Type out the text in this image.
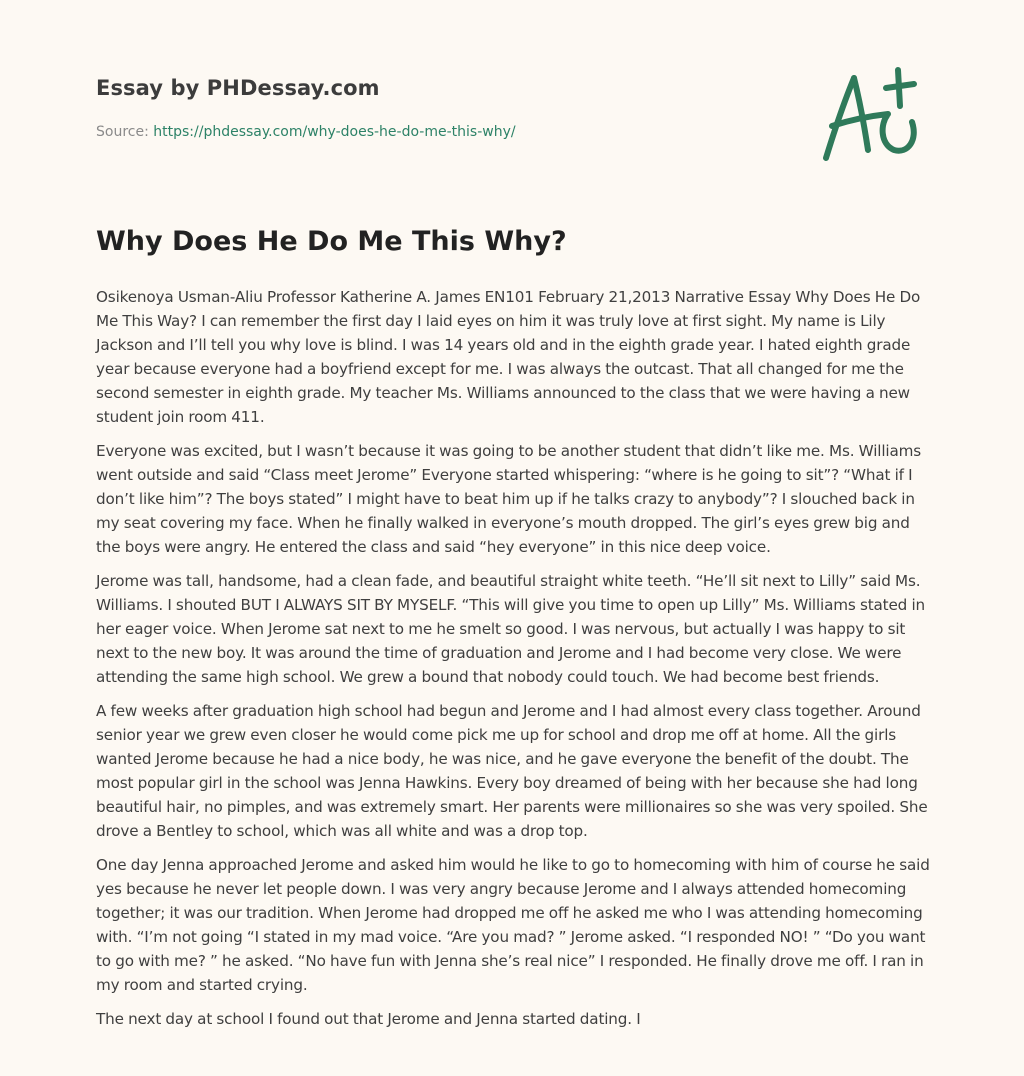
Essay by PHDessay.com
Source: https://phdessay.com/why-does-he-do-me-this-why/
Why Does He Do Me This Why?

Osikenoya Usman-Aliu Professor Katherine A. James EN101 February 21,2013 Narrative Essay Why Does He Do Me This Way? I can remember the first day I laid eyes on him it was truly love at first sight. My name is Lily Jackson and I’ll tell you why love is blind. I was 14 years old and in the eighth grade year. I hated eighth grade year because everyone had a boyfriend except for me. I was always the outcast. That all changed for me the second semester in eighth grade. My teacher Ms. Williams announced to the class that we were having a new student join room 411.

Everyone was excited, but I wasn’t because it was going to be another student that didn’t like me. Ms. Williams went outside and said “Class meet Jerome” Everyone started whispering: “where is he going to sit”? “What if I don’t like him”? The boys stated” I might have to beat him up if he talks crazy to anybody”? I slouched back in my seat covering my face. When he finally walked in everyone’s mouth dropped. The girl’s eyes grew big and the boys were angry. He entered the class and said “hey everyone” in this nice deep voice.

Jerome was tall, handsome, had a clean fade, and beautiful straight white teeth. “He’ll sit next to Lilly” said Ms. Williams. I shouted BUT I ALWAYS SIT BY MYSELF. “This will give you time to open up Lilly” Ms. Williams stated in her eager voice. When Jerome sat next to me he smelt so good. I was nervous, but actually I was happy to sit next to the new boy. It was around the time of graduation and Jerome and I had become very close. We were attending the same high school. We grew a bound that nobody could touch. We had become best friends.

A few weeks after graduation high school had begun and Jerome and I had almost every class together. Around senior year we grew even closer he would come pick me up for school and drop me off at home. All the girls wanted Jerome because he had a nice body, he was nice, and he gave everyone the benefit of the doubt. The most popular girl in the school was Jenna Hawkins. Every boy dreamed of being with her because she had long beautiful hair, no pimples, and was extremely smart. Her parents were millionaires so she was very spoiled. She drove a Bentley to school, which was all white and was a drop top.

One day Jenna approached Jerome and asked him would he like to go to homecoming with him of course he said yes because he never let people down. I was very angry because Jerome and I always attended homecoming together; it was our tradition. When Jerome had dropped me off he asked me who I was attending homecoming with. “I’m not going “I stated in my mad voice. “Are you mad? ” Jerome asked. “I responded NO! ” “Do you want to go with me? ” he asked. “No have fun with Jenna she’s real nice” I responded. He finally drove me off. I ran in my room and started crying.

The next day at school I found out that Jerome and Jenna started dating. I
